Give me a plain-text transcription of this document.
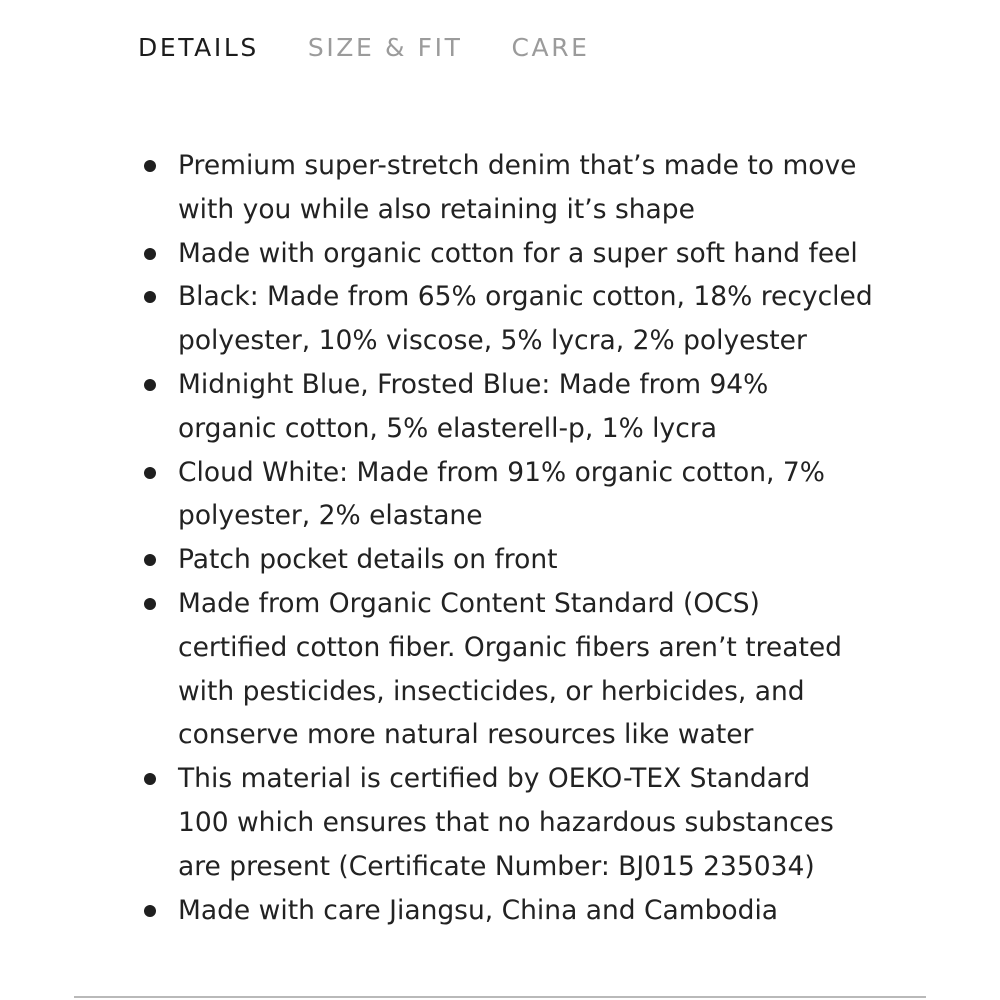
DETAILS SIZE & FIT CARE
Premium super-stretch denim that’s made to move
with you while also retaining it’s shape
Made with organic cotton for a super soft hand feel
Black: Made from 65% organic cotton, 18% recycled
polyester, 10% viscose, 5% lycra, 2% polyester
Midnight Blue, Frosted Blue: Made from 94%
organic cotton, 5% elasterell-p, 1% lycra
Cloud White: Made from 91% organic cotton, 7%
polyester, 2% elastane
Patch pocket details on front
Made from Organic Content Standard (OCS)
certified cotton fiber. Organic fibers aren’t treated
with pesticides, insecticides, or herbicides, and
conserve more natural resources like water
This material is certified by OEKO-TEX Standard
100 which ensures that no hazardous substances
are present (Certificate Number: BJ015 235034)
Made with care Jiangsu, China and Cambodia
